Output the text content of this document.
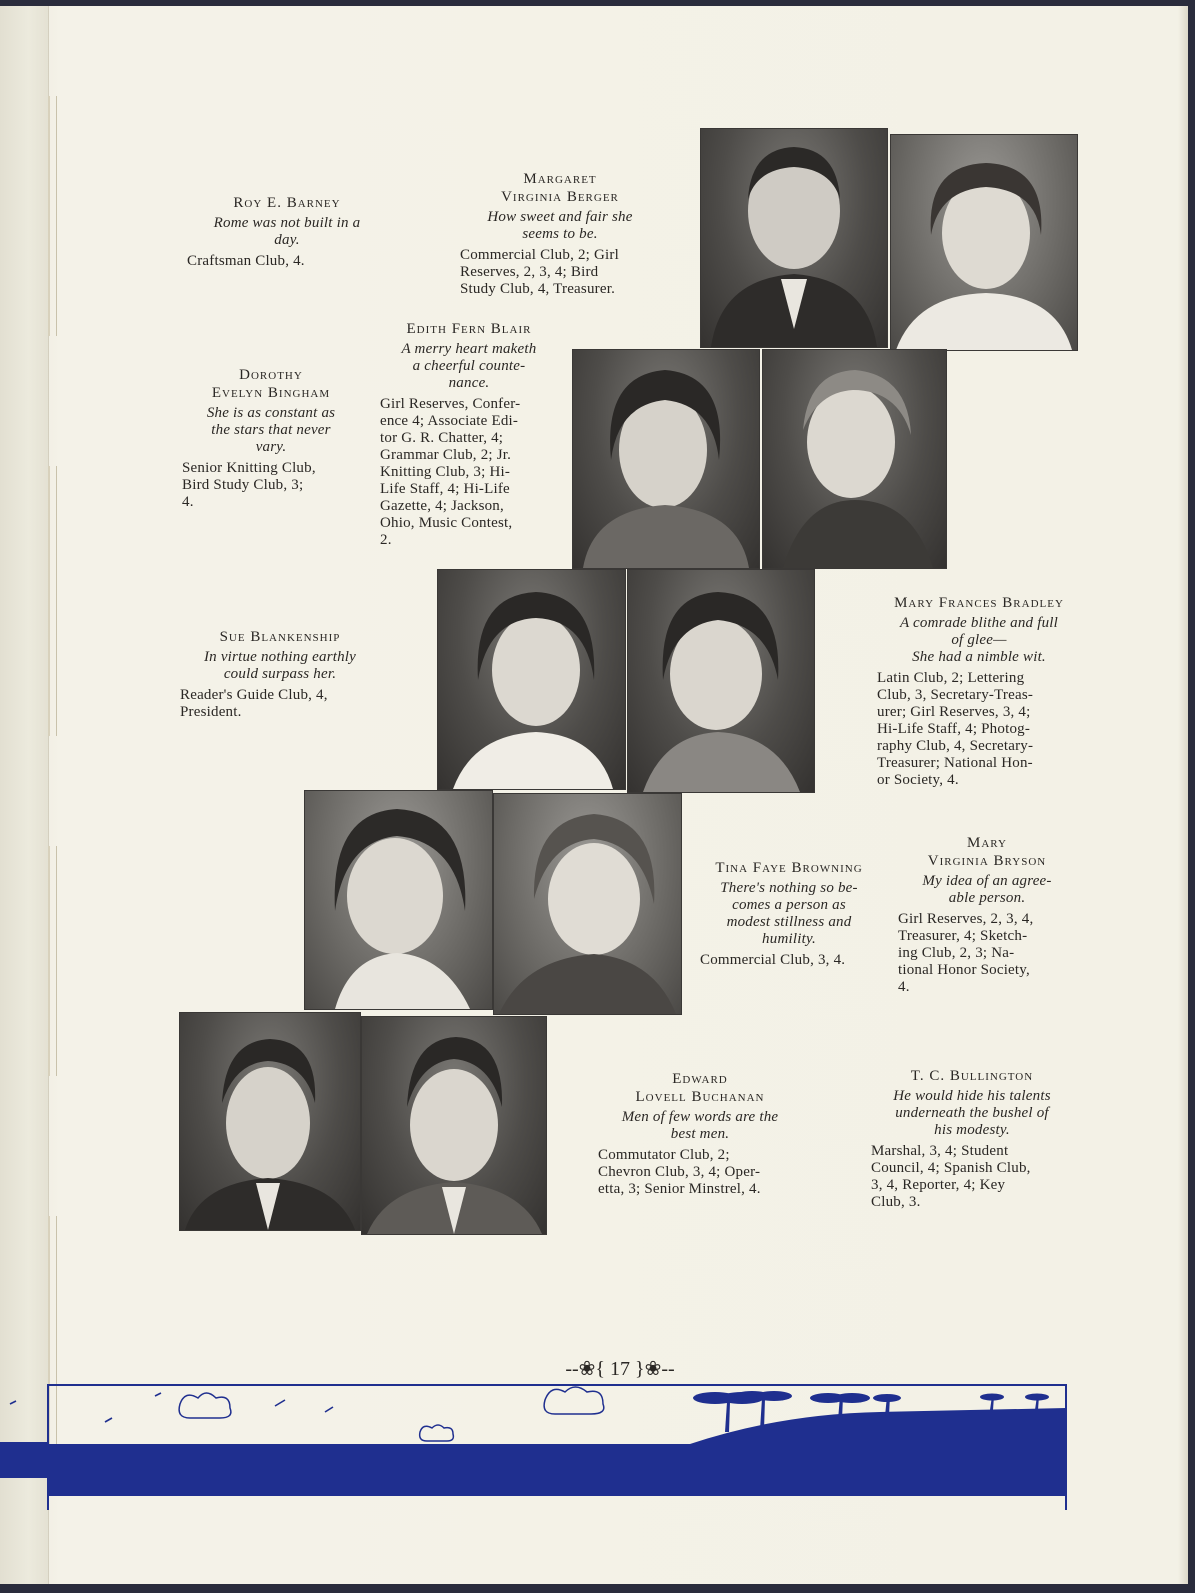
Roy E. Barney
Rome was not built in a
day.
Craftsman Club, 4.
Margaret
Virginia Berger
How sweet and fair she
seems to be.
Commercial Club, 2; Girl
Reserves, 2, 3, 4; Bird
Study Club, 4, Treasurer.
Edith Fern Blair
A merry heart maketh
a cheerful counte-
nance.
Girl Reserves, Confer-
ence 4; Associate Edi-
tor G. R. Chatter, 4;
Grammar Club, 2; Jr.
Knitting Club, 3; Hi-
Life Staff, 4; Hi-Life
Gazette, 4; Jackson,
Ohio, Music Contest,
2.
Dorothy
Evelyn Bingham
She is as constant as
the stars that never
vary.
Senior Knitting Club,
Bird Study Club, 3;
4.
Sue Blankenship
In virtue nothing earthly
could surpass her.
Reader's Guide Club, 4,
President.
Mary Frances Bradley
A comrade blithe and full
of glee—
She had a nimble wit.
Latin Club, 2; Lettering
Club, 3, Secretary-Treas-
urer; Girl Reserves, 3, 4;
Hi-Life Staff, 4; Photog-
raphy Club, 4, Secretary-
Treasurer; National Hon-
or Society, 4.
Tina Faye Browning
There's nothing so be-
comes a person as
modest stillness and
humility.
Commercial Club, 3, 4.
Mary
Virginia Bryson
My idea of an agree-
able person.
Girl Reserves, 2, 3, 4,
Treasurer, 4; Sketch-
ing Club, 2, 3; Na-
tional Honor Society,
4.
Edward
Lovell Buchanan
Men of few words are the
best men.
Commutator Club, 2;
Chevron Club, 3, 4; Oper-
etta, 3; Senior Minstrel, 4.
T. C. Bullington
He would hide his talents
underneath the bushel of
his modesty.
Marshal, 3, 4; Student
Council, 4; Spanish Club,
3, 4, Reporter, 4; Key
Club, 3.
--❀{ 17 }❀--
